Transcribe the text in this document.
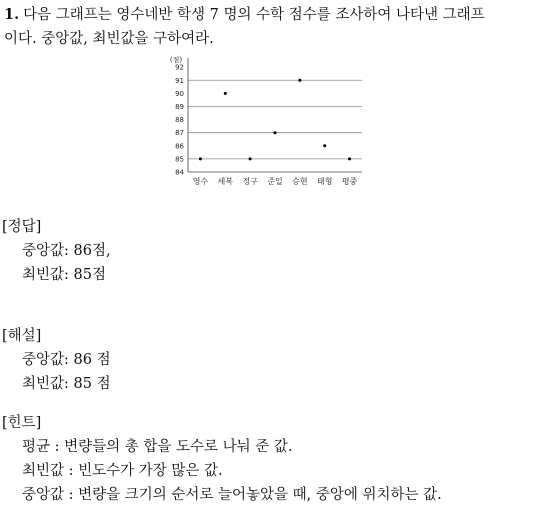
1. 다음 그래프는 영수네반 학생 7 명의 수학 점수를 조사하여 나타낸 그래프
이다. 중앙값, 최빈값을 구하여라.
(점)
84
85
86
87
88
89
90
91
92
영수 세복 정구 준일 승현 태형 평중
[정답]
중앙값: 86점,
최빈값: 85점
[해설]
중앙값: 86 점
최빈값: 85 점
[힌트]
평균 : 변량들의 총 합을 도수로 나눠 준 값.
최빈값 : 빈도수가 가장 많은 값.
중앙값 : 변량을 크기의 순서로 늘어놓았을 때, 중앙에 위치하는 값.
